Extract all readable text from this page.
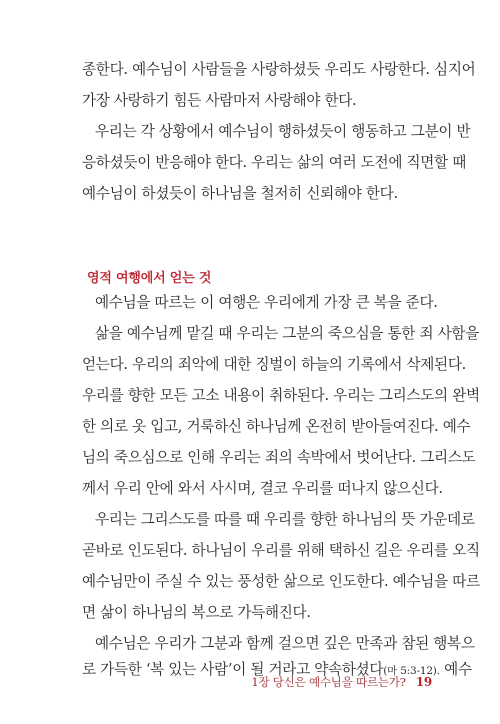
종한다. 예수님이 사람들을 사랑하셨듯 우리도 사랑한다. 심지어
가장 사랑하기 힘든 사람마저 사랑해야 한다.
우리는 각 상황에서 예수님이 행하셨듯이 행동하고 그분이 반
응하셨듯이 반응해야 한다. 우리는 삶의 여러 도전에 직면할 때
예수님이 하셨듯이 하나님을 철저히 신뢰해야 한다.
영적 여행에서 얻는 것
예수님을 따르는 이 여행은 우리에게 가장 큰 복을 준다.
삶을 예수님께 맡길 때 우리는 그분의 죽으심을 통한 죄 사함을
얻는다. 우리의 죄악에 대한 징벌이 하늘의 기록에서 삭제된다.
우리를 향한 모든 고소 내용이 취하된다. 우리는 그리스도의 완벽
한 의로 옷 입고, 거룩하신 하나님께 온전히 받아들여진다. 예수
님의 죽으심으로 인해 우리는 죄의 속박에서 벗어난다. 그리스도
께서 우리 안에 와서 사시며, 결코 우리를 떠나지 않으신다.
우리는 그리스도를 따를 때 우리를 향한 하나님의 뜻 가운데로
곧바로 인도된다. 하나님이 우리를 위해 택하신 길은 우리를 오직
예수님만이 주실 수 있는 풍성한 삶으로 인도한다. 예수님을 따르
면 삶이 하나님의 복으로 가득해진다.
예수님은 우리가 그분과 함께 걸으면 깊은 만족과 참된 행복으
1장 당신은 예수님을 따르는가? 19
로 가득한 ‘복 있는 사람’이 될 거라고 약속하셨다(마 5:3-12). 예수
